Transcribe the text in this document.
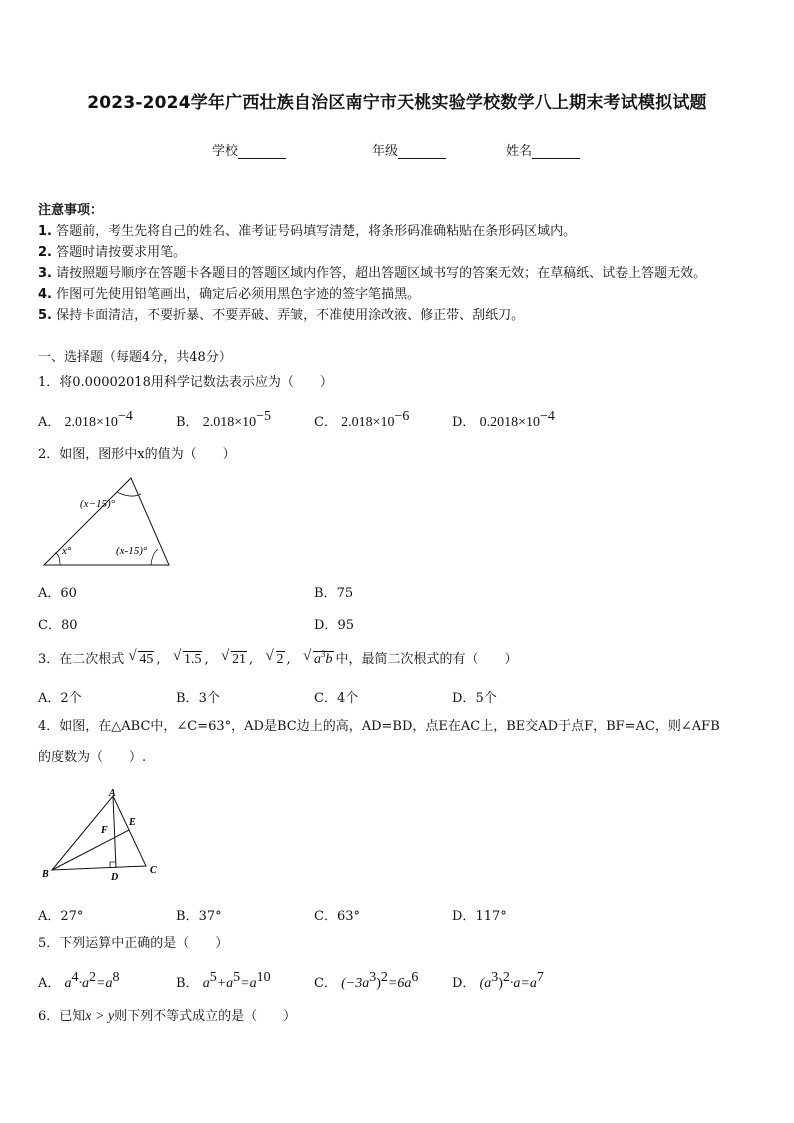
2023-2024学年广西壮族自治区南宁市天桃实验学校数学八上期末考试模拟试题
学校	年级	姓名
注意事项：
1. 答题前，考生先将自己的姓名、准考证号码填写清楚，将条形码准确粘贴在条形码区域内。
2. 答题时请按要求用笔。
3. 请按照题号顺序在答题卡各题目的答题区域内作答，超出答题区域书写的答案无效；在草稿纸、试卷上答题无效。
4. 作图可先使用铅笔画出，确定后必须用黑色字迹的签字笔描黑。
5. 保持卡面清洁，不要折暴、不要弄破、弄皱，不准使用涂改液、修正带、刮纸刀。
一、选择题（每题4分，共48分）
1．将0.00002018用科学记数法表示应为（　　）
A． $2.018\times 10^{-4}$	B． $2.018\times 10^{-5}$	C． $2.018\times 10^{-6}$	D． $0.2018\times 10^{-4}$
2．如图，图形中x的值为（　　）
(x−15)°
x°	(x-15)°
A．60	B．75
C．80	D．95
3．在二次根式 √ 45 , √ 1.5 , √ 21 , √ 2 , √ $a^3b$ 中，最简二次根式的有（　　）
A．2个	B．3个	C．4个	D．5个
4．如图，在△ABC中，∠C=63°，AD是BC边上的高，AD=BD，点E在AC上，BE交AD于点F，BF=AC，则∠AFB
的度数为（　　）.
A
B	C
D
E
F
A．27°	B．37°	C．63°	D．117°
5．下列运算中正确的是（　　）
A． $a^4\cdot a^2=a^8$	B． $a^5+a^5=a^{10}$	C． $(-3a^3)^2=6a^6$	D． $(a^3)^2\cdot a=a^7$
6．已知x > y则下列不等式成立的是（　　）
